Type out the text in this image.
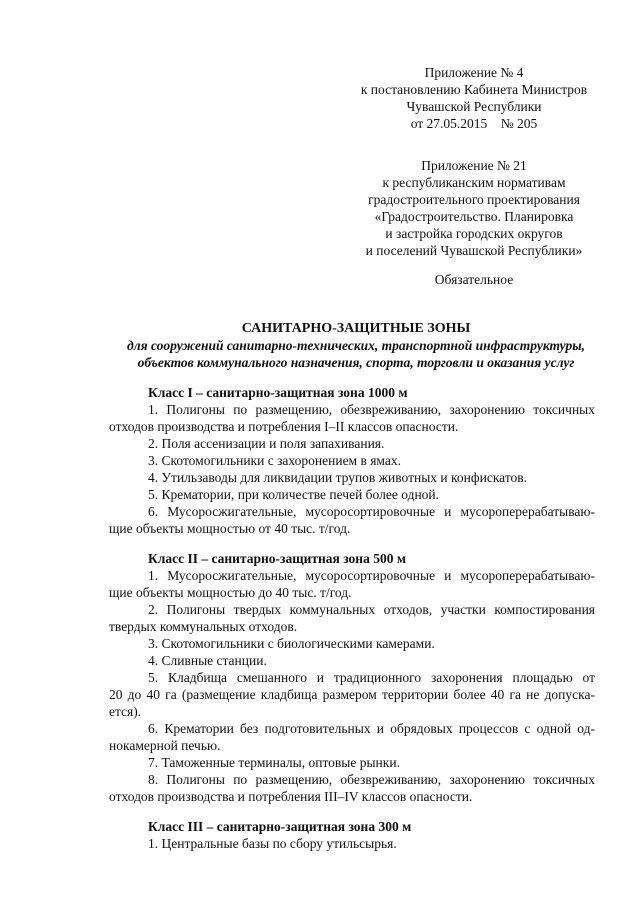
Приложение № 4
к постановлению Кабинета Министров
Чувашской Республики
от 27.05.2015    № 205
Приложение № 21
к республиканским нормативам
градостроительного проектирования
«Градостроительство. Планировка
и застройка городских округов
и поселений Чувашской Республики»
Обязательное
САНИТАРНО-ЗАЩИТНЫЕ ЗОНЫ
для сооружений санитарно-технических, транспортной инфраструктуры,
объектов коммунального назначения, спорта, торговли и оказания услуг
Класс I – санитарно-защитная зона 1000 м
1. Полигоны по размещению, обезвреживанию, захоронению токсичных
отходов производства и потребления I–II классов опасности.
2. Поля ассенизации и поля запахивания.
3. Скотомогильники с захоронением в ямах.
4. Утильзаводы для ликвидации трупов животных и конфискатов.
5. Крематории, при количестве печей более одной.
6. Мусоросжигательные, мусоросортировочные и мусороперерабатываю-
щие объекты мощностью от 40 тыс. т/год.
Класс II – санитарно-защитная зона 500 м
1. Мусоросжигательные, мусоросортировочные и мусороперерабатываю-
щие объекты мощностью до 40 тыс. т/год.
2. Полигоны твердых коммунальных отходов, участки компостирования
твердых коммунальных отходов.
3. Скотомогильники с биологическими камерами.
4. Сливные станции.
5. Кладбища смешанного и традиционного захоронения площадью от
20 до 40 га (размещение кладбища размером территории более 40 га не допуска-
ется).
6. Крематории без подготовительных и обрядовых процессов с одной од-
нокамерной печью.
7. Таможенные терминалы, оптовые рынки.
8. Полигоны по размещению, обезвреживанию, захоронению токсичных
отходов производства и потребления III–IV классов опасности.
Класс III – санитарно-защитная зона 300 м
1. Центральные базы по сбору утильсырья.
